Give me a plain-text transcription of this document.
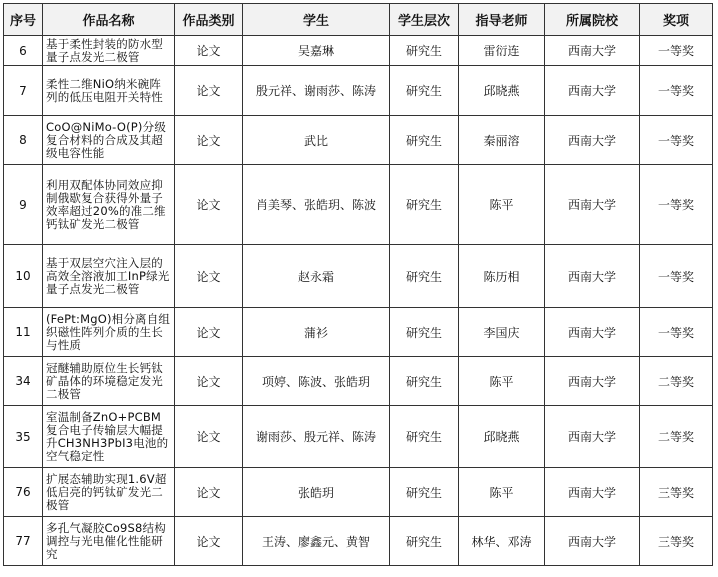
序号	作品名称	作品类别	学生	学生层次	指导老师	所属院校	奖项
6	基于柔性封装的防水型量子点发光二极管	论文	吴嘉琳	研究生	雷衍连	西南大学	一等奖
7	柔性二维NiO纳米碗阵列的低压电阻开关特性	论文	殷元祥、谢雨莎、陈涛	研究生	邱晓燕	西南大学	一等奖
8	CoO@NiMo-O(P)分级复合材料的合成及其超级电容性能	论文	武比	研究生	秦丽溶	西南大学	一等奖
9	利用双配体协同效应抑制俄歇复合获得外量子效率超过20%的准二维钙钛矿发光二极管	论文	肖美琴、张皓玥、陈波	研究生	陈平	西南大学	一等奖
10	基于双层空穴注入层的高效全溶液加工InP绿光量子点发光二极管	论文	赵永霜	研究生	陈历相	西南大学	一等奖
11	(FePt:MgO)相分离自组织磁性阵列介质的生长与性质	论文	蒲衫	研究生	李国庆	西南大学	一等奖
34	冠醚辅助原位生长钙钛矿晶体的环境稳定发光二极管	论文	项婷、陈波、张皓玥	研究生	陈平	西南大学	二等奖
35	室温制备ZnO+PCBM复合电子传输层大幅提升CH3NH3PbI3电池的空气稳定性	论文	谢雨莎、殷元祥、陈涛	研究生	邱晓燕	西南大学	二等奖
76	扩展态辅助实现1.6V超低启亮的钙钛矿发光二极管	论文	张皓玥	研究生	陈平	西南大学	三等奖
77	多孔气凝胶Co9S8结构调控与光电催化性能研究	论文	王涛、廖鑫元、黄智	研究生	林华、邓涛	西南大学	三等奖
